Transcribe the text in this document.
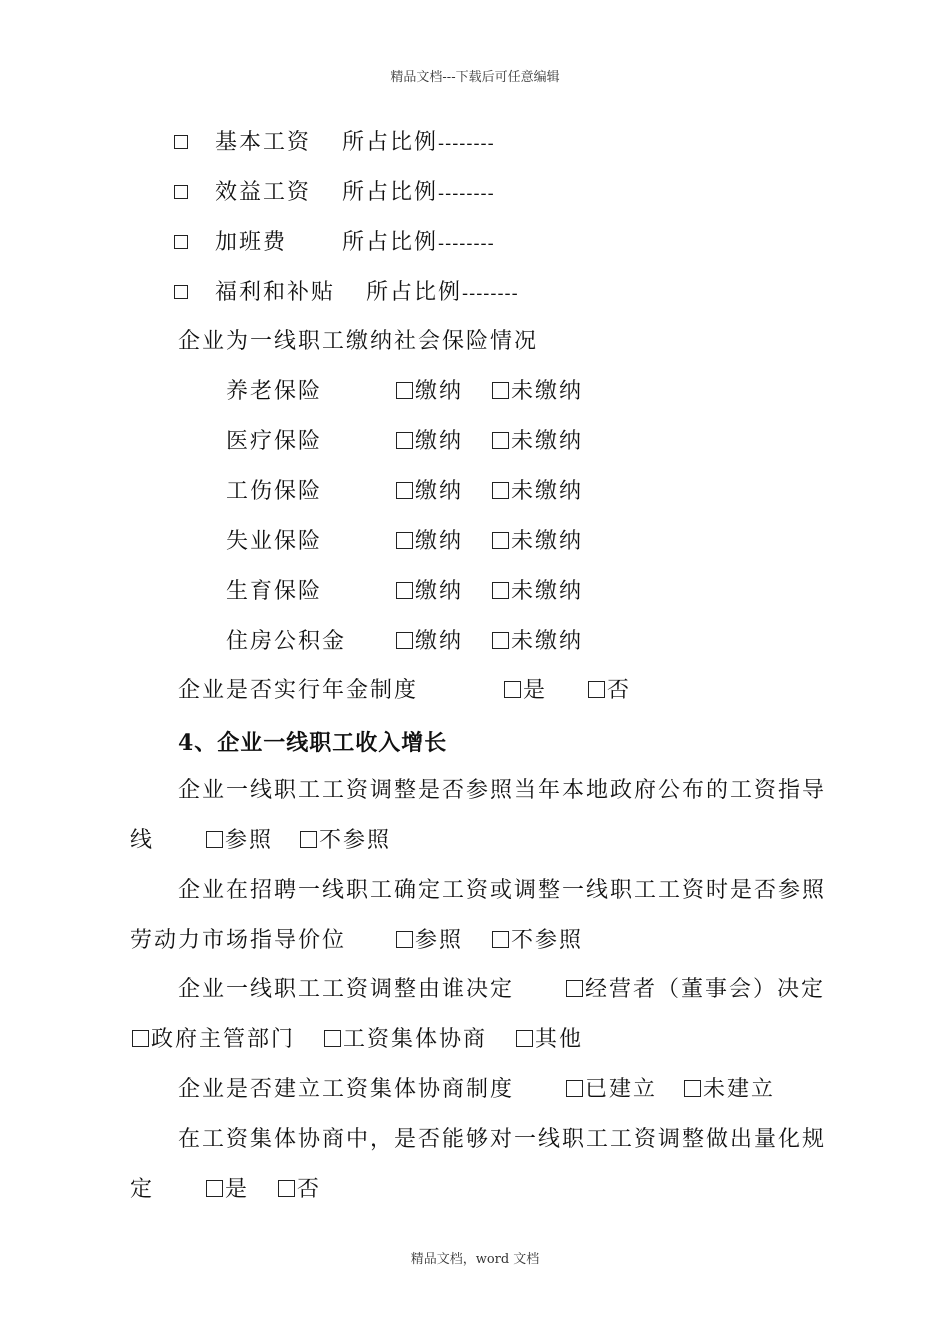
精品文档---下载后可任意编辑
基本工资 所占比例--------
效益工资 所占比例--------
加班费	所占比例--------
福利和补贴 所占比例--------
企业为一线职工缴纳社会保险情况
养老保险	缴纳	未缴纳
医疗保险	缴纳	未缴纳
工伤保险	缴纳	未缴纳
失业保险	缴纳	未缴纳
生育保险	缴纳	未缴纳
住房公积金	缴纳	未缴纳
企业是否实行年金制度	是	否
4、企业一线职工收入增长
企业一线职工工资调整是否参照当年本地政府公布的工资指导
线	参照	不参照
企业在招聘一线职工确定工资或调整一线职工工资时是否参照
劳动力市场指导价位	参照	不参照
企业一线职工工资调整由谁决定	经营者（董事会）决定
政府主管部门	工资集体协商	其他
企业是否建立工资集体协商制度	已建立	未建立
在工资集体协商中，是否能够对一线职工工资调整做出量化规
定	是	否
精品文档，word 文档
